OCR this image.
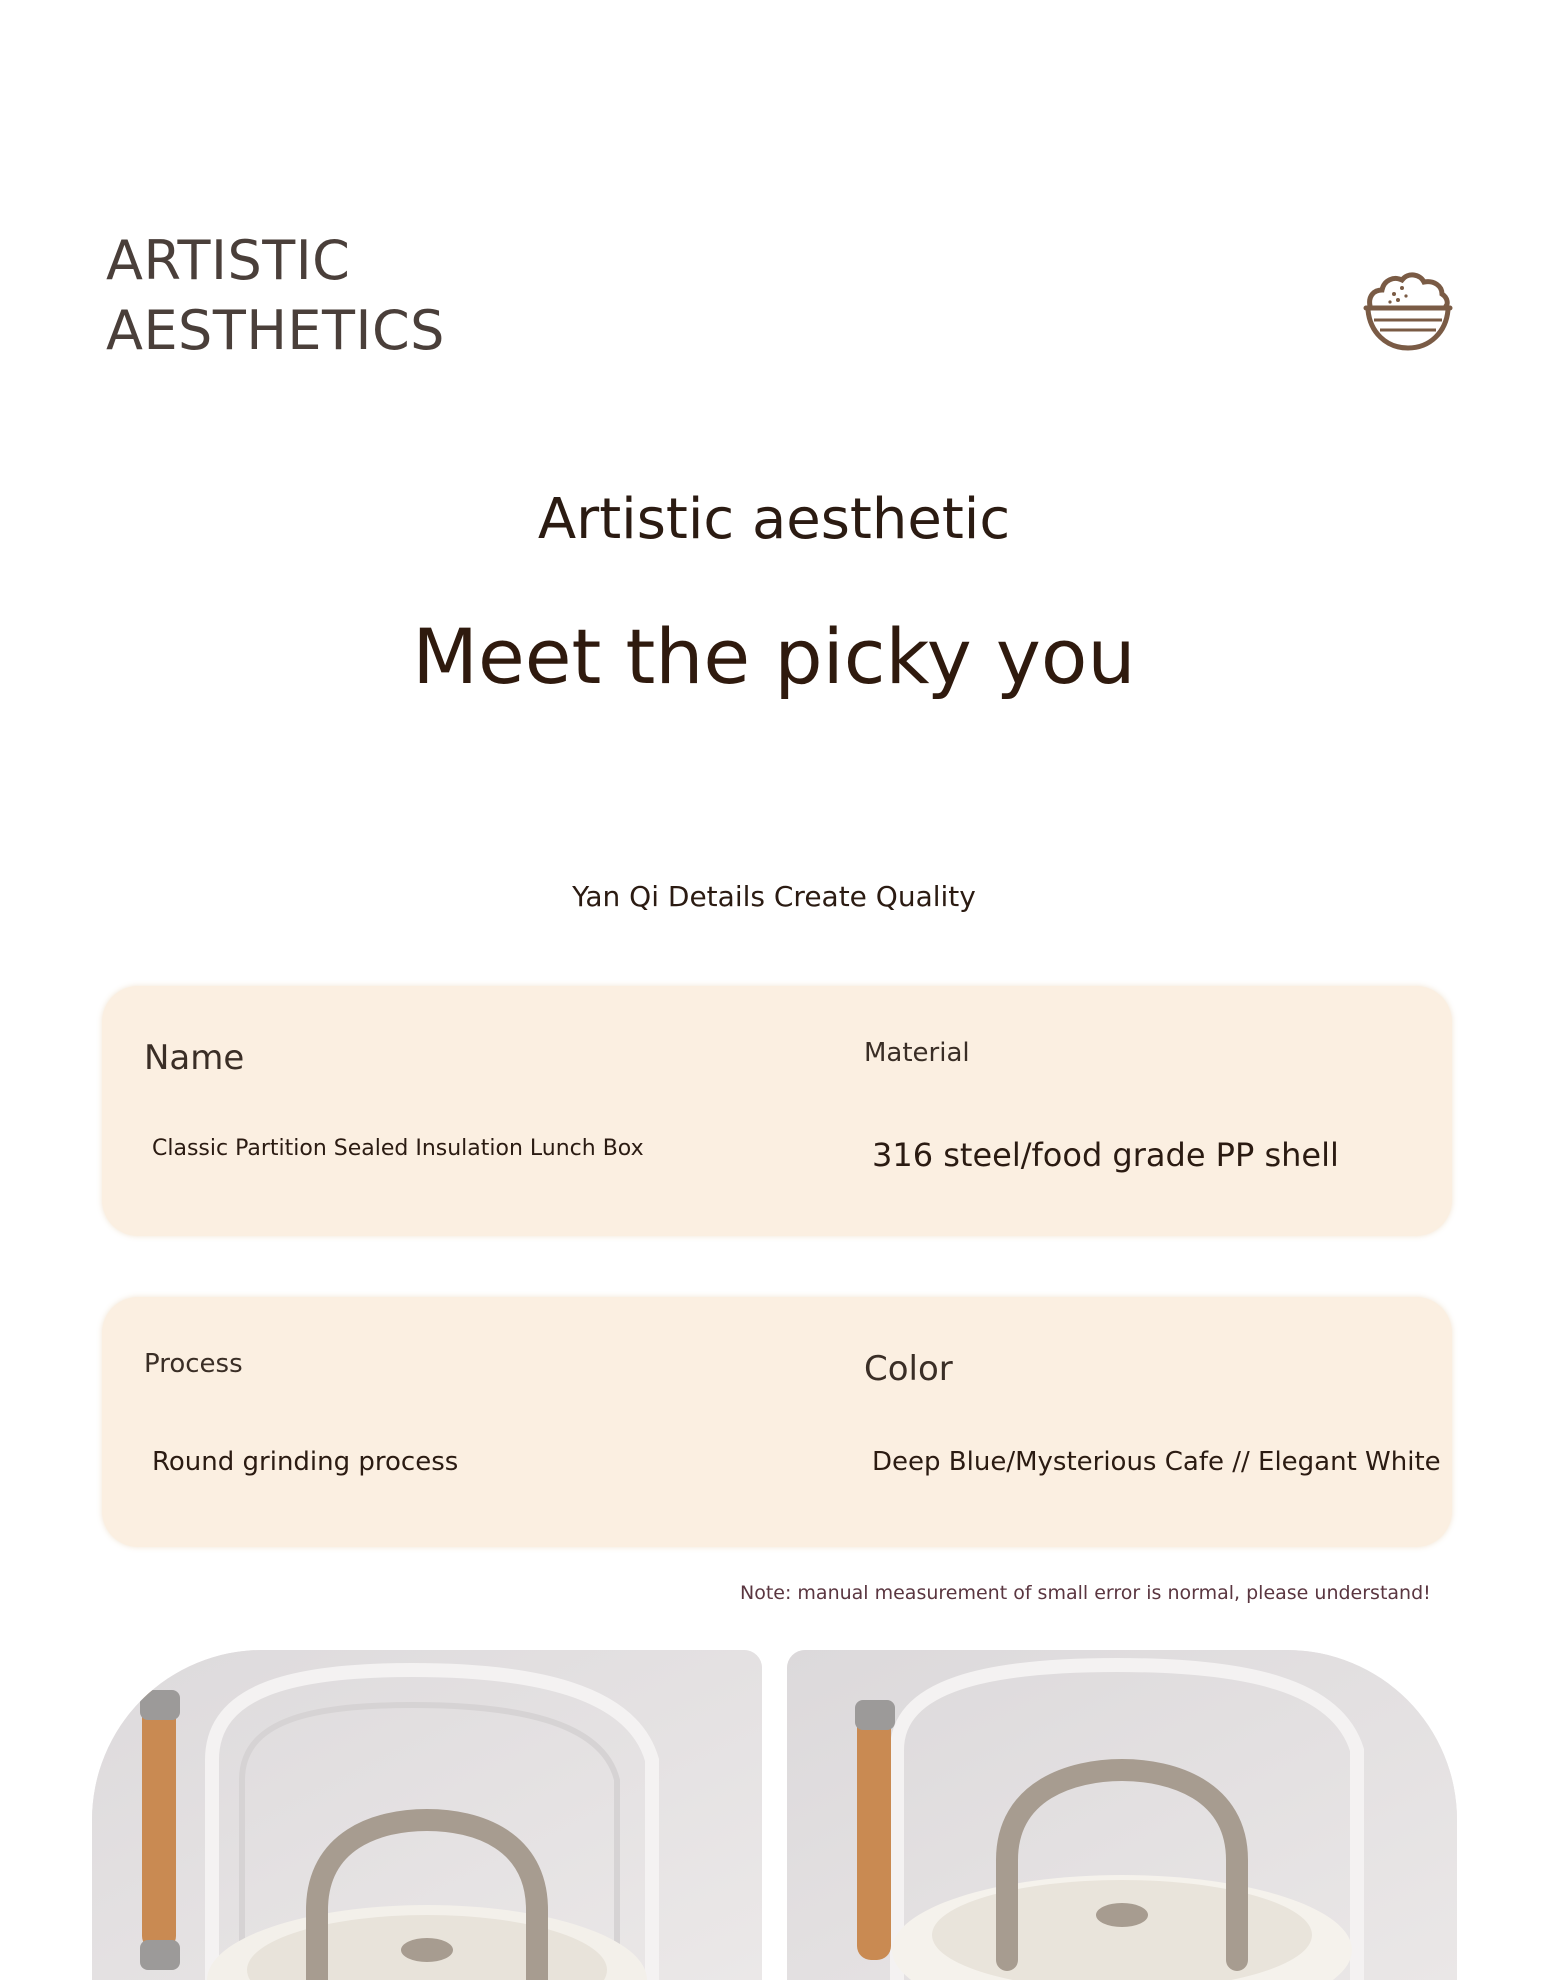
ARTISTIC
AESTHETICS
Artistic aesthetic
Meet the picky you
Yan Qi Details Create Quality
Name	Material
Classic Partition Sealed Insulation Lunch Box	316 steel/food grade PP shell
Process	Color
Round grinding process	Deep Blue/Mysterious Cafe // Elegant White
Note: manual measurement of small error is normal, please understand!
